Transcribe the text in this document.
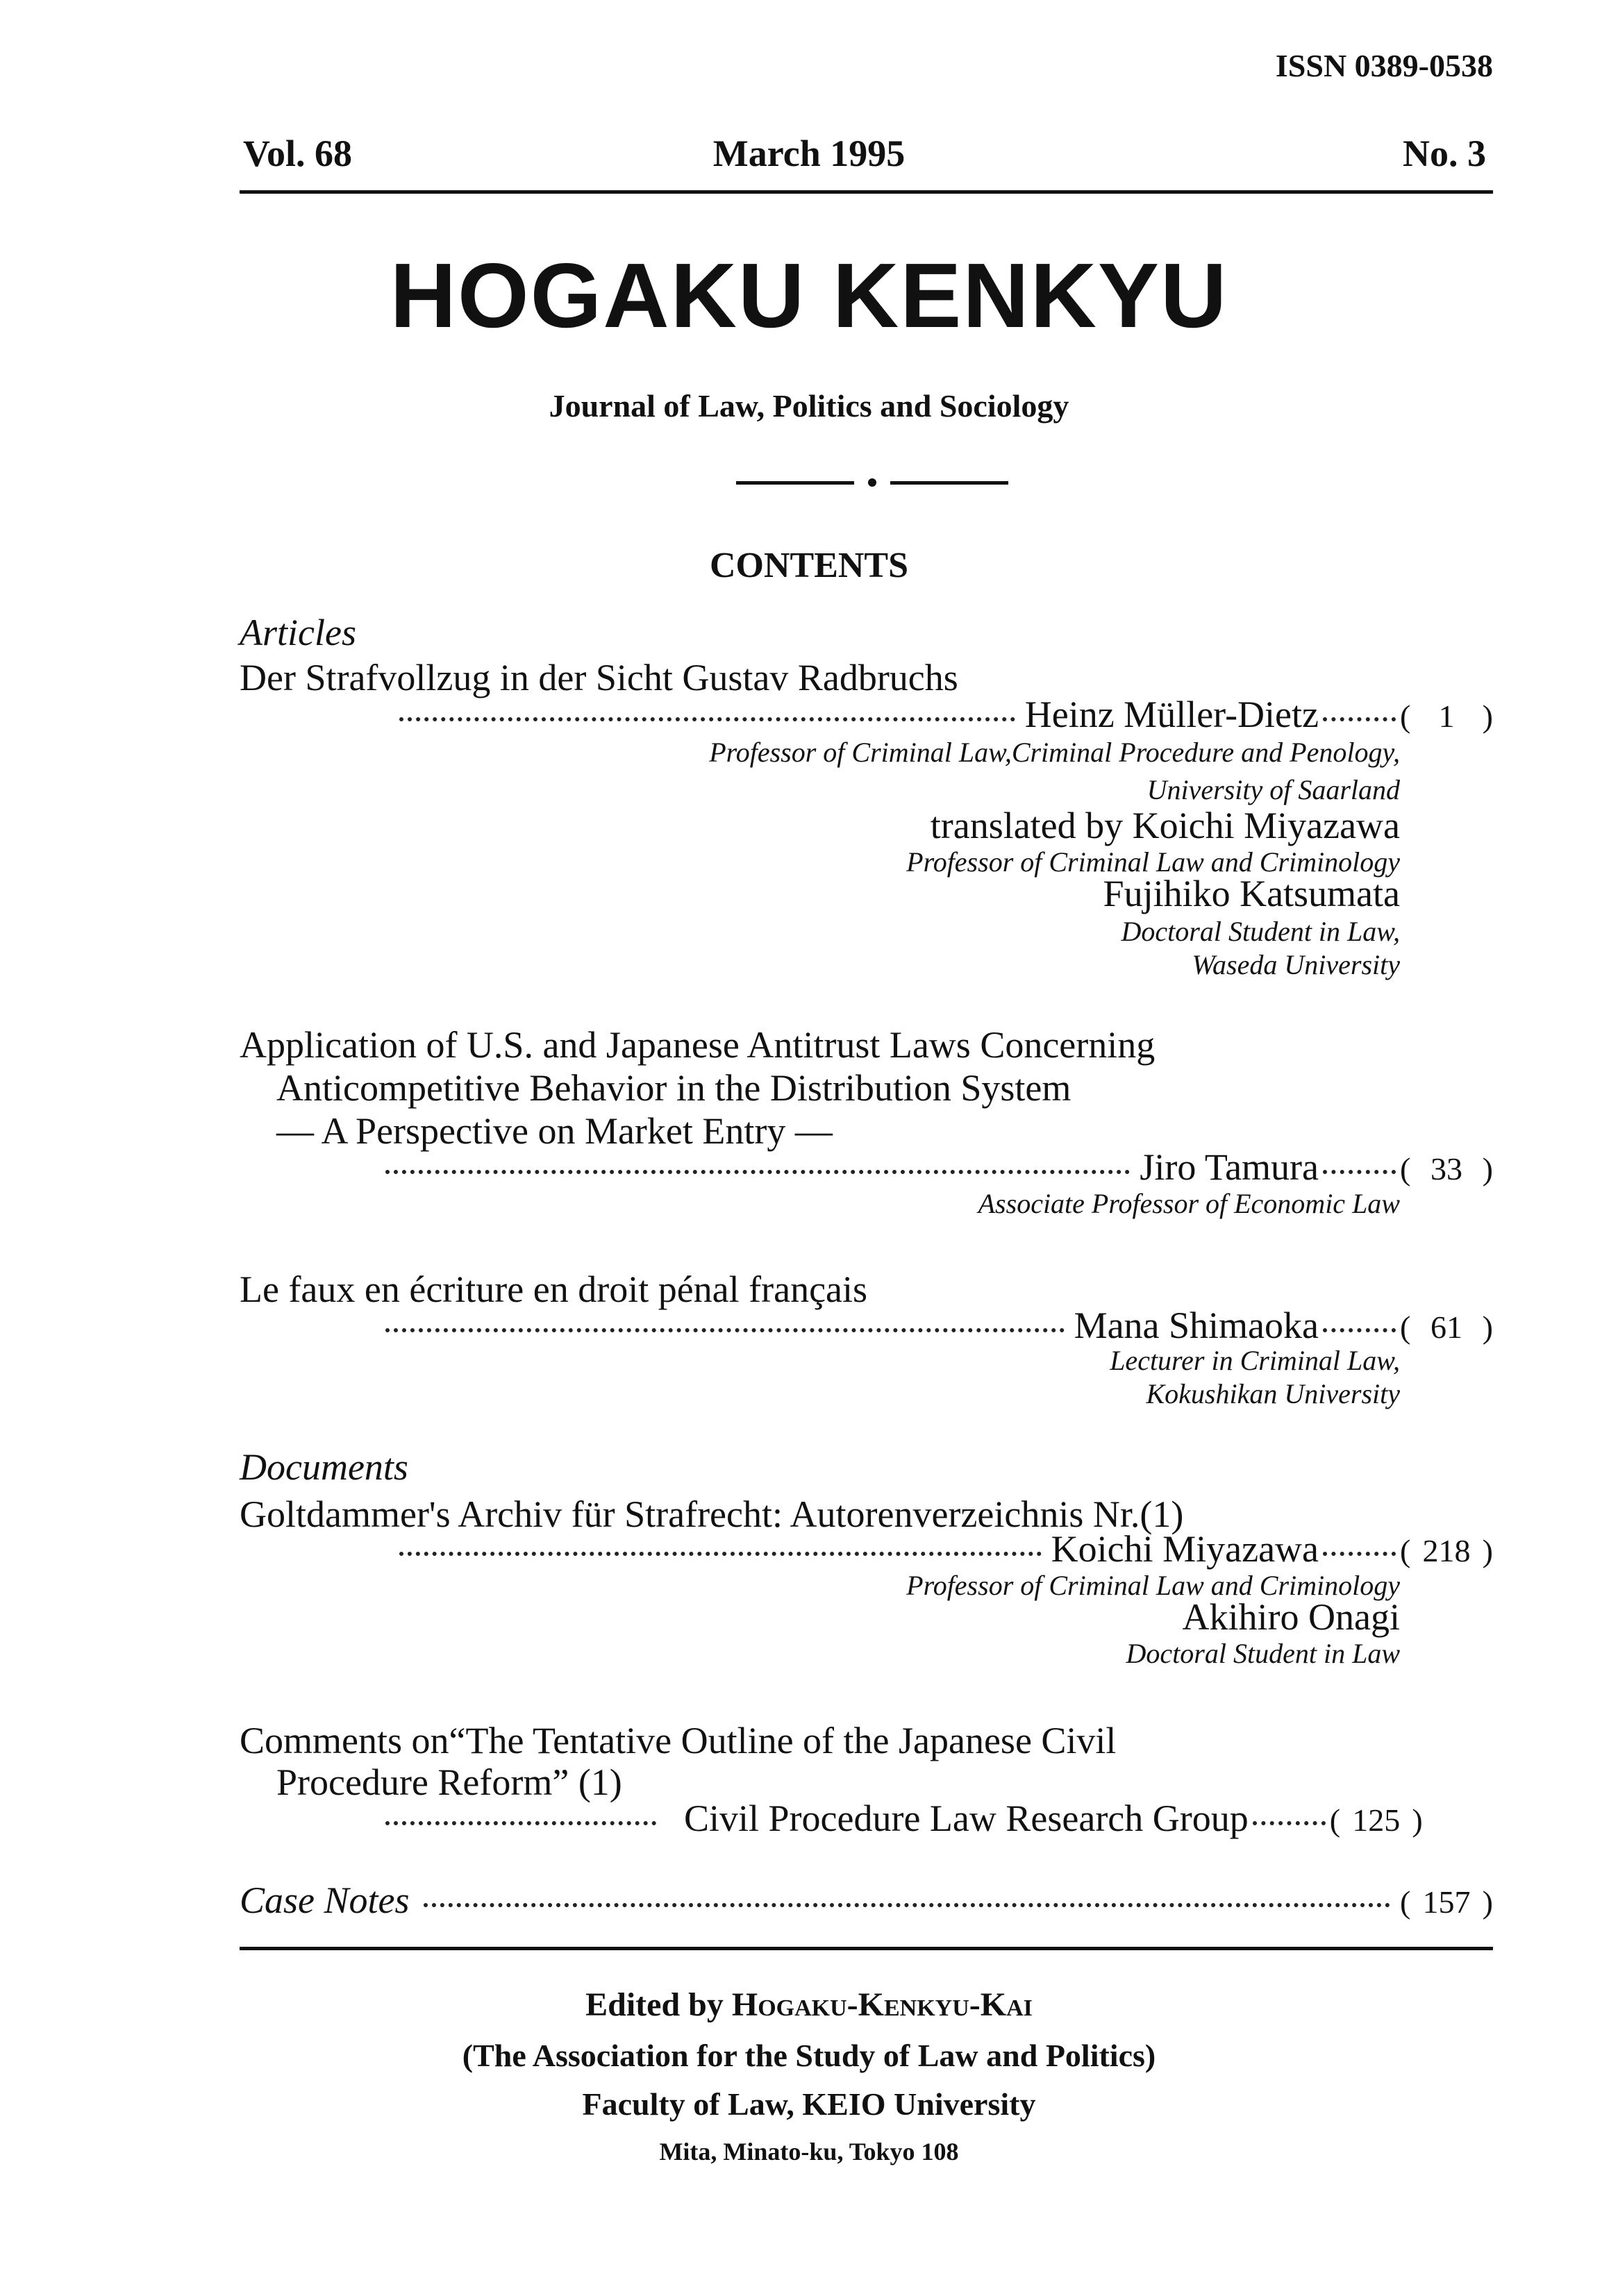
ISSN 0389-0538
Vol. 68	March 1995	No. 3
HOGAKU KENKYU
Journal of Law, Politics and Sociology
CONTENTS
Articles
Der Strafvollzug in der Sicht Gustav Radbruchs
Heinz Müller-Dietz	( 1 )
Professor of Criminal Law,Criminal Procedure and Penology,
University of Saarland
translated by Koichi Miyazawa
Professor of Criminal Law and Criminology
Fujihiko Katsumata
Doctoral Student in Law,
Waseda University
Application of U.S. and Japanese Antitrust Laws Concerning
Anticompetitive Behavior in the Distribution System
— A Perspective on Market Entry —
Jiro Tamura	( 33 )
Associate Professor of Economic Law
Le faux en écriture en droit pénal français
Mana Shimaoka	( 61 )
Lecturer in Criminal Law,
Kokushikan University
Documents
Goltdammer's Archiv für Strafrecht: Autorenverzeichnis Nr.(1)
Koichi Miyazawa	( 218 )
Professor of Criminal Law and Criminology
Akihiro Onagi
Doctoral Student in Law
Comments on“The Tentative Outline of the Japanese Civil
Procedure Reform” (1)
Civil Procedure Law Research Group	( 125 )
Case Notes	( 157 )
Edited by Hogaku-Kenkyu-Kai
(The Association for the Study of Law and Politics)
Faculty of Law, KEIO University
Mita, Minato-ku, Tokyo 108
